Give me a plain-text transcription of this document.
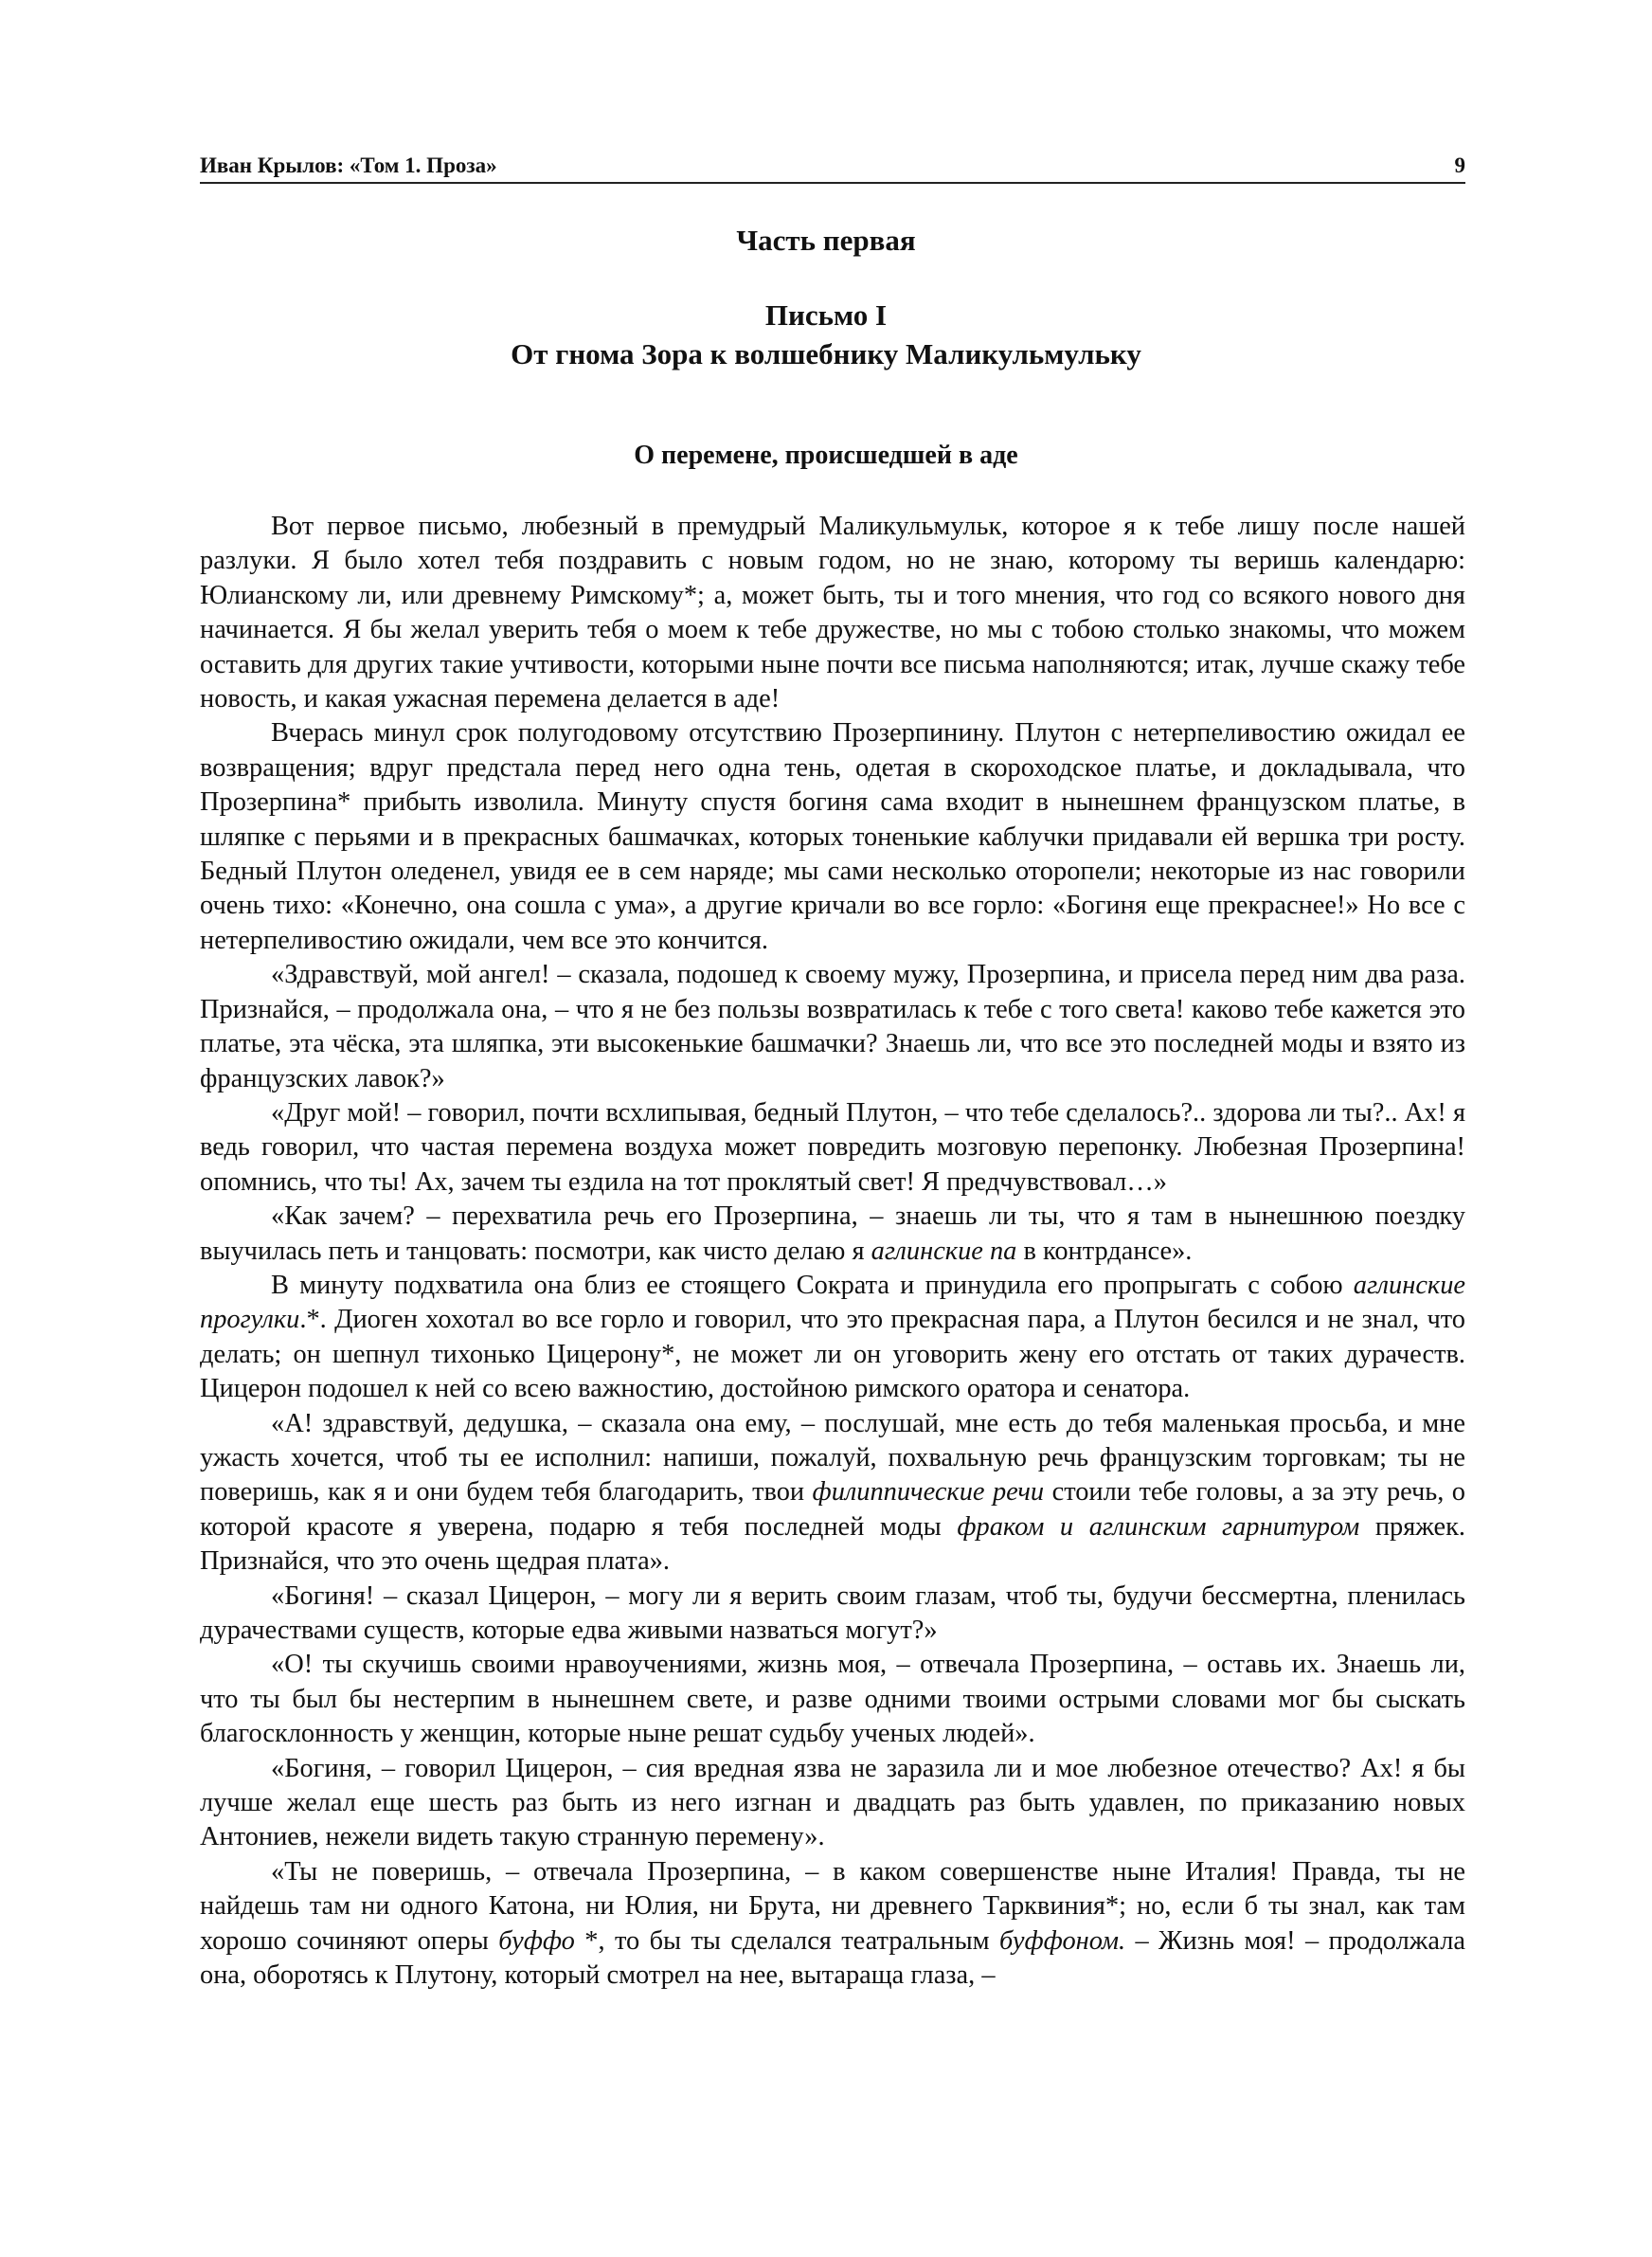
Иван Крылов: «Том 1. Проза»	9
Часть первая
Письмо I
От гнома Зора к волшебнику Маликульмульку
О перемене, происшедшей в аде

Вот первое письмо, любезный в премудрый Маликульмульк, которое я к тебе лишу после нашей разлуки. Я было хотел тебя поздравить с новым годом, но не знаю, которому ты веришь календарю: Юлианскому ли, или древнему Римскому*; а, может быть, ты и того мнения, что год со всякого нового дня начинается. Я бы желал уверить тебя о моем к тебе дружестве, но мы с тобою столько знакомы, что можем оставить для других такие учтивости, которыми ныне почти все письма наполняются; итак, лучше скажу тебе новость, и какая ужасная перемена делается в аде!

Вчерась минул срок полугодовому отсутствию Прозерпинину. Плутон с нетерпеливостию ожидал ее возвращения; вдруг предстала перед него одна тень, одетая в скороходское платье, и докладывала, что Прозерпина* прибыть изволила. Минуту спустя богиня сама входит в нынешнем французском платье, в шляпке с перьями и в прекрасных башмачках, которых тоненькие каблучки придавали ей вершка три росту. Бедный Плутон оледенел, увидя ее в сем наряде; мы сами несколько оторопели; некоторые из нас говорили очень тихо: «Конечно, она сошла с ума», а другие кричали во все горло: «Богиня еще прекраснее!» Но все с нетерпеливостию ожидали, чем все это кончится.

«Здравствуй, мой ангел! – сказала, подошед к своему мужу, Прозерпина, и присела перед ним два раза. Признайся, – продолжала она, – что я не без пользы возвратилась к тебе с того света! каково тебе кажется это платье, эта чёска, эта шляпка, эти высокенькие башмачки? Знаешь ли, что все это последней моды и взято из французских лавок?»

«Друг мой! – говорил, почти всхлипывая, бедный Плутон, – что тебе сделалось?.. здорова ли ты?.. Ах! я ведь говорил, что частая перемена воздуха может повредить мозговую перепонку. Любезная Прозерпина! опомнись, что ты! Ах, зачем ты ездила на тот проклятый свет! Я предчувствовал…»

«Как зачем? – перехватила речь его Прозерпина, – знаешь ли ты, что я там в нынешнюю поездку выучилась петь и танцовать: посмотри, как чисто делаю я аглинские па в контрдансе».

В минуту подхватила она близ ее стоящего Сократа и принудила его пропрыгать с собою аглинские прогулки.*. Диоген хохотал во все горло и говорил, что это прекрасная пара, а Плутон бесился и не знал, что делать; он шепнул тихонько Цицерону*, не может ли он уговорить жену его отстать от таких дурачеств. Цицерон подошел к ней со всею важностию, достойною римского оратора и сенатора.

«А! здравствуй, дедушка, – сказала она ему, – послушай, мне есть до тебя маленькая просьба, и мне ужасть хочется, чтоб ты ее исполнил: напиши, пожалуй, похвальную речь французским торговкам; ты не поверишь, как я и они будем тебя благодарить, твои филиппические речи стоили тебе головы, а за эту речь, о которой красоте я уверена, подарю я тебя последней моды фраком и аглинским гарнитуром пряжек. Признайся, что это очень щедрая плата».

«Богиня! – сказал Цицерон, – могу ли я верить своим глазам, чтоб ты, будучи бессмертна, пленилась дурачествами существ, которые едва живыми назваться могут?»

«О! ты скучишь своими нравоучениями, жизнь моя, – отвечала Прозерпина, – оставь их. Знаешь ли, что ты был бы нестерпим в нынешнем свете, и разве одними твоими острыми словами мог бы сыскать благосклонность у женщин, которые ныне решат судьбу ученых людей».

«Богиня, – говорил Цицерон, – сия вредная язва не заразила ли и мое любезное отечество? Ах! я бы лучше желал еще шесть раз быть из него изгнан и двадцать раз быть удавлен, по приказанию новых Антониев, нежели видеть такую странную перемену».

«Ты не поверишь, – отвечала Прозерпина, – в каком совершенстве ныне Италия! Правда, ты не найдешь там ни одного Катона, ни Юлия, ни Брута, ни древнего Тарквиния*; но, если б ты знал, как там хорошо сочиняют оперы буффо *, то бы ты сделался театральным буффоном. – Жизнь моя! – продолжала она, оборотясь к Плутону, который смотрел на нее, вытараща глаза, –
